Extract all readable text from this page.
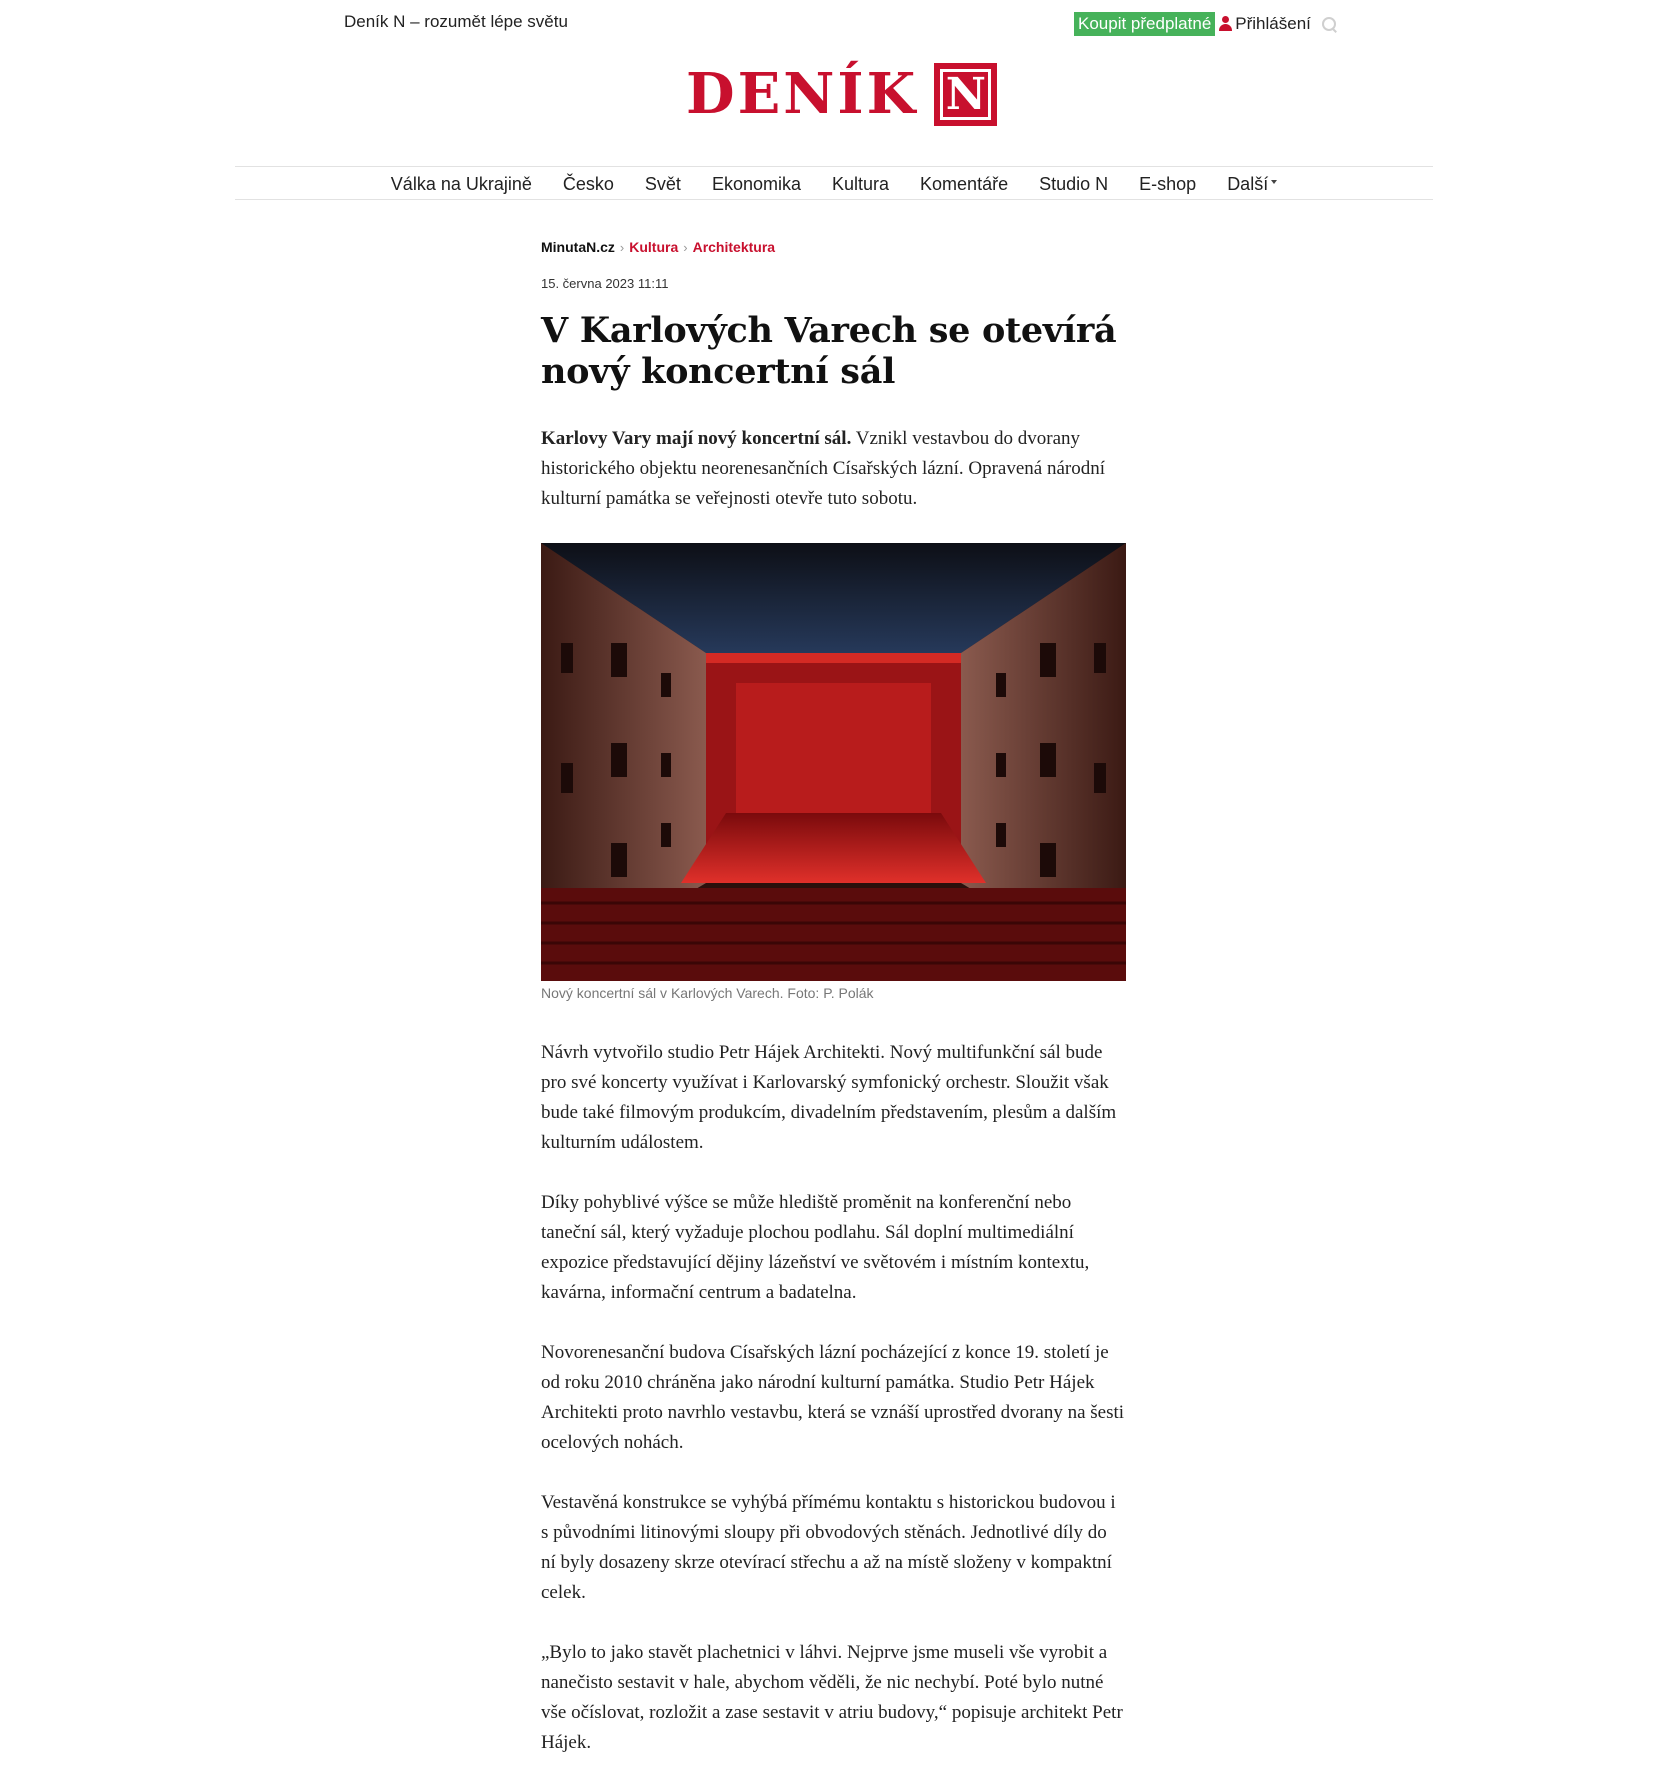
Deník N – rozumět lépe světu	Koupit předplatné Přihlášení
DENÍK N
Válka na Ukrajině Česko Svět Ekonomika Kultura Komentáře Studio N E-shop Další
MinutaN.cz › Kultura › Architektura
15. června 2023 11:11
V Karlových Varech se otevírá nový koncertní sál

Karlovy Vary mají nový koncertní sál. Vznikl vestavbou do dvorany historického objektu neorenesančních Císařských lázní. Opravená národní kulturní památka se veřejnosti otevře tuto sobotu.

Nový koncertní sál v Karlových Varech. Foto: P. Polák

Návrh vytvořilo studio Petr Hájek Architekti. Nový multifunkční sál bude pro své koncerty využívat i Karlovarský symfonický orchestr. Sloužit však bude také filmovým produkcím, divadelním představením, plesům a dalším kulturním událostem.

Díky pohyblivé výšce se může hlediště proměnit na konferenční nebo taneční sál, který vyžaduje plochou podlahu. Sál doplní multimediální expozice představující dějiny lázeňství ve světovém i místním kontextu, kavárna, informační centrum a badatelna.

Novorenesanční budova Císařských lázní pocházející z konce 19. století je od roku 2010 chráněna jako národní kulturní památka. Studio Petr Hájek Architekti proto navrhlo vestavbu, která se vznáší uprostřed dvorany na šesti ocelových nohách.

Vestavěná konstrukce se vyhýbá přímému kontaktu s historickou budovou i s původními litinovými sloupy při obvodových stěnách. Jednotlivé díly do ní byly dosazeny skrze otevírací střechu a až na místě složeny v kompaktní celek.

„Bylo to jako stavět plachetnici v láhvi. Nejprve jsme museli vše vyrobit a nanečisto sestavit v hale, abychom věděli, že nic nechybí. Poté bylo nutné vše očíslovat, rozložit a zase sestavit v atriu budovy,“ popisuje architekt Petr Hájek.
